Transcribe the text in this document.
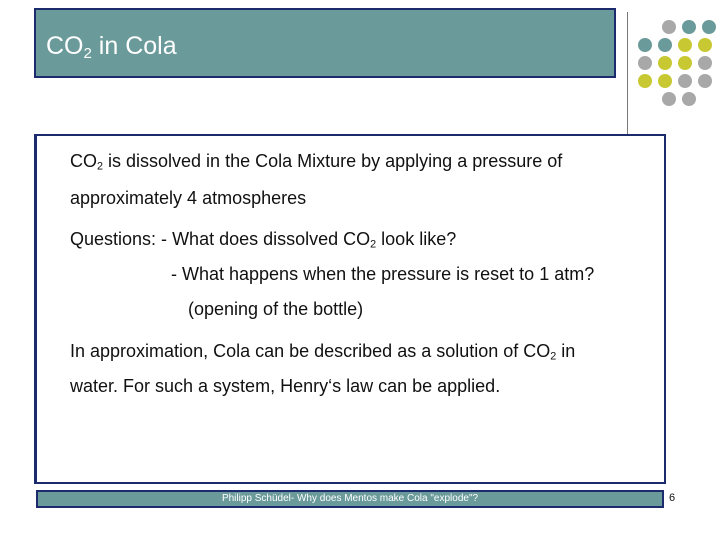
$CO_2$ in Cola
$CO_2$ is dissolved in the Cola Mixture by applying a pressure of
approximately 4 atmospheres
Questions: - What does dissolved $CO_2$ look like?
- What happens when the pressure is reset to 1 atm?
(opening of the bottle)
In approximation, Cola can be described as a solution of $CO_2$ in
water. For such a system, Henry‘s law can be applied.
Philipp Schüdel- Why does Mentos make Cola "explode"?	6
